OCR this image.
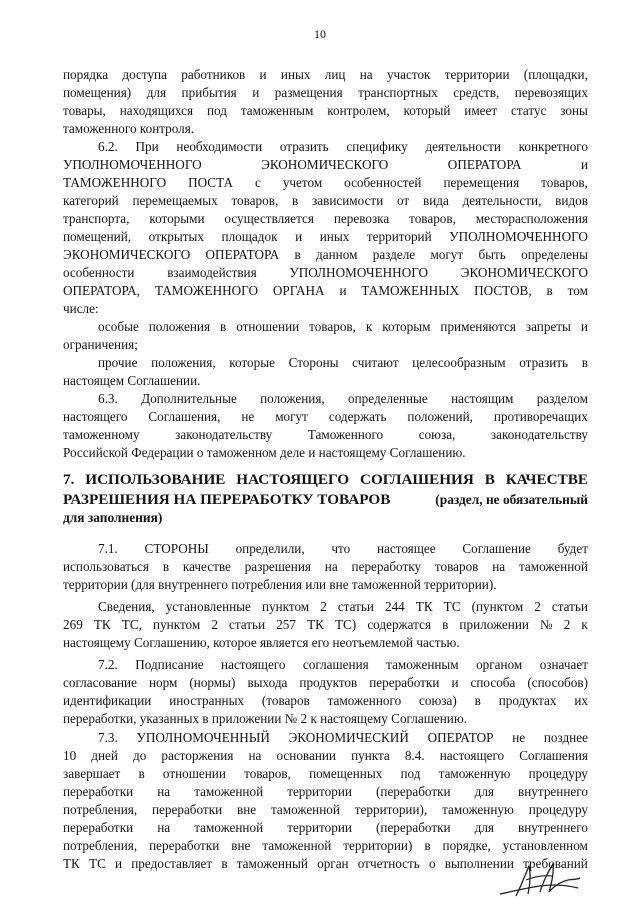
10
порядка доступа работников и иных лиц на участок территории (площадки,
помещения) для прибытия и размещения транспортных средств, перевозящих
товары, находящихся под таможенным контролем, который имеет статус зоны
таможенного контроля.
6.2. При необходимости отразить специфику деятельности конкретного
УПОЛНОМОЧЕННОГО	ЭКОНОМИЧЕСКОГО	ОПЕРАТОРА	и
ТАМОЖЕННОГО ПОСТА с учетом особенностей перемещения товаров,
категорий перемещаемых товаров, в зависимости от вида деятельности, видов
транспорта, которыми осуществляется перевозка товаров, месторасположения
помещений, открытых площадок и иных территорий УПОЛНОМОЧЕННОГО
ЭКОНОМИЧЕСКОГО ОПЕРАТОРА в данном разделе могут быть определены
особенности взаимодействия УПОЛНОМОЧЕННОГО ЭКОНОМИЧЕСКОГО
ОПЕРАТОРА, ТАМОЖЕННОГО ОРГАНА и ТАМОЖЕННЫХ ПОСТОВ, в том
числе:
особые положения в отношении товаров, к которым применяются запреты и
ограничения;
прочие положения, которые Стороны считают целесообразным отразить в
настоящем Соглашении.
6.3. Дополнительные положения, определенные настоящим разделом
настоящего Соглашения, не могут содержать положений, противоречащих
таможенному	законодательству	Таможенного	союза,	законодательству
Российской Федерации о таможенном деле и настоящему Соглашению.
7. ИСПОЛЬЗОВАНИЕ НАСТОЯЩЕГО СОГЛАШЕНИЯ В КАЧЕСТВЕ
РАЗРЕШЕНИЯ НА ПЕРЕРАБОТКУ ТОВАРОВ	(раздел, не обязательный
для заполнения)
7.1. СТОРОНЫ определили, что настоящее Соглашение будет
использоваться в качестве разрешения на переработку товаров на таможенной
территории (для внутреннего потребления или вне таможенной территории).
Сведения, установленные пунктом 2 статьи 244 ТК ТС (пунктом 2 статьи
269 ТК ТС, пунктом 2 статьи 257 ТК ТС) содержатся в приложении № 2 к
настоящему Соглашению, которое является его неотъемлемой частью.
7.2. Подписание настоящего соглашения таможенным органом означает
согласование норм (нормы) выхода продуктов переработки и способа (способов)
идентификации иностранных (товаров таможенного союза) в продуктах их
переработки, указанных в приложении № 2 к настоящему Соглашению.
7.3. УПОЛНОМОЧЕННЫЙ ЭКОНОМИЧЕСКИЙ ОПЕРАТОР не позднее
10 дней до расторжения на основании пункта 8.4. настоящего Соглашения
завершает в отношении товаров, помещенных под таможенную процедуру
переработки на таможенной территории (переработки для внутреннего
потребления, переработки вне таможенной территории), таможенную процедуру
переработки на таможенной территории (переработки для внутреннего
потребления, переработки вне таможенной территории) в порядке, установленном
ТК ТС и предоставляет в таможенный орган отчетность о выполнении требований
